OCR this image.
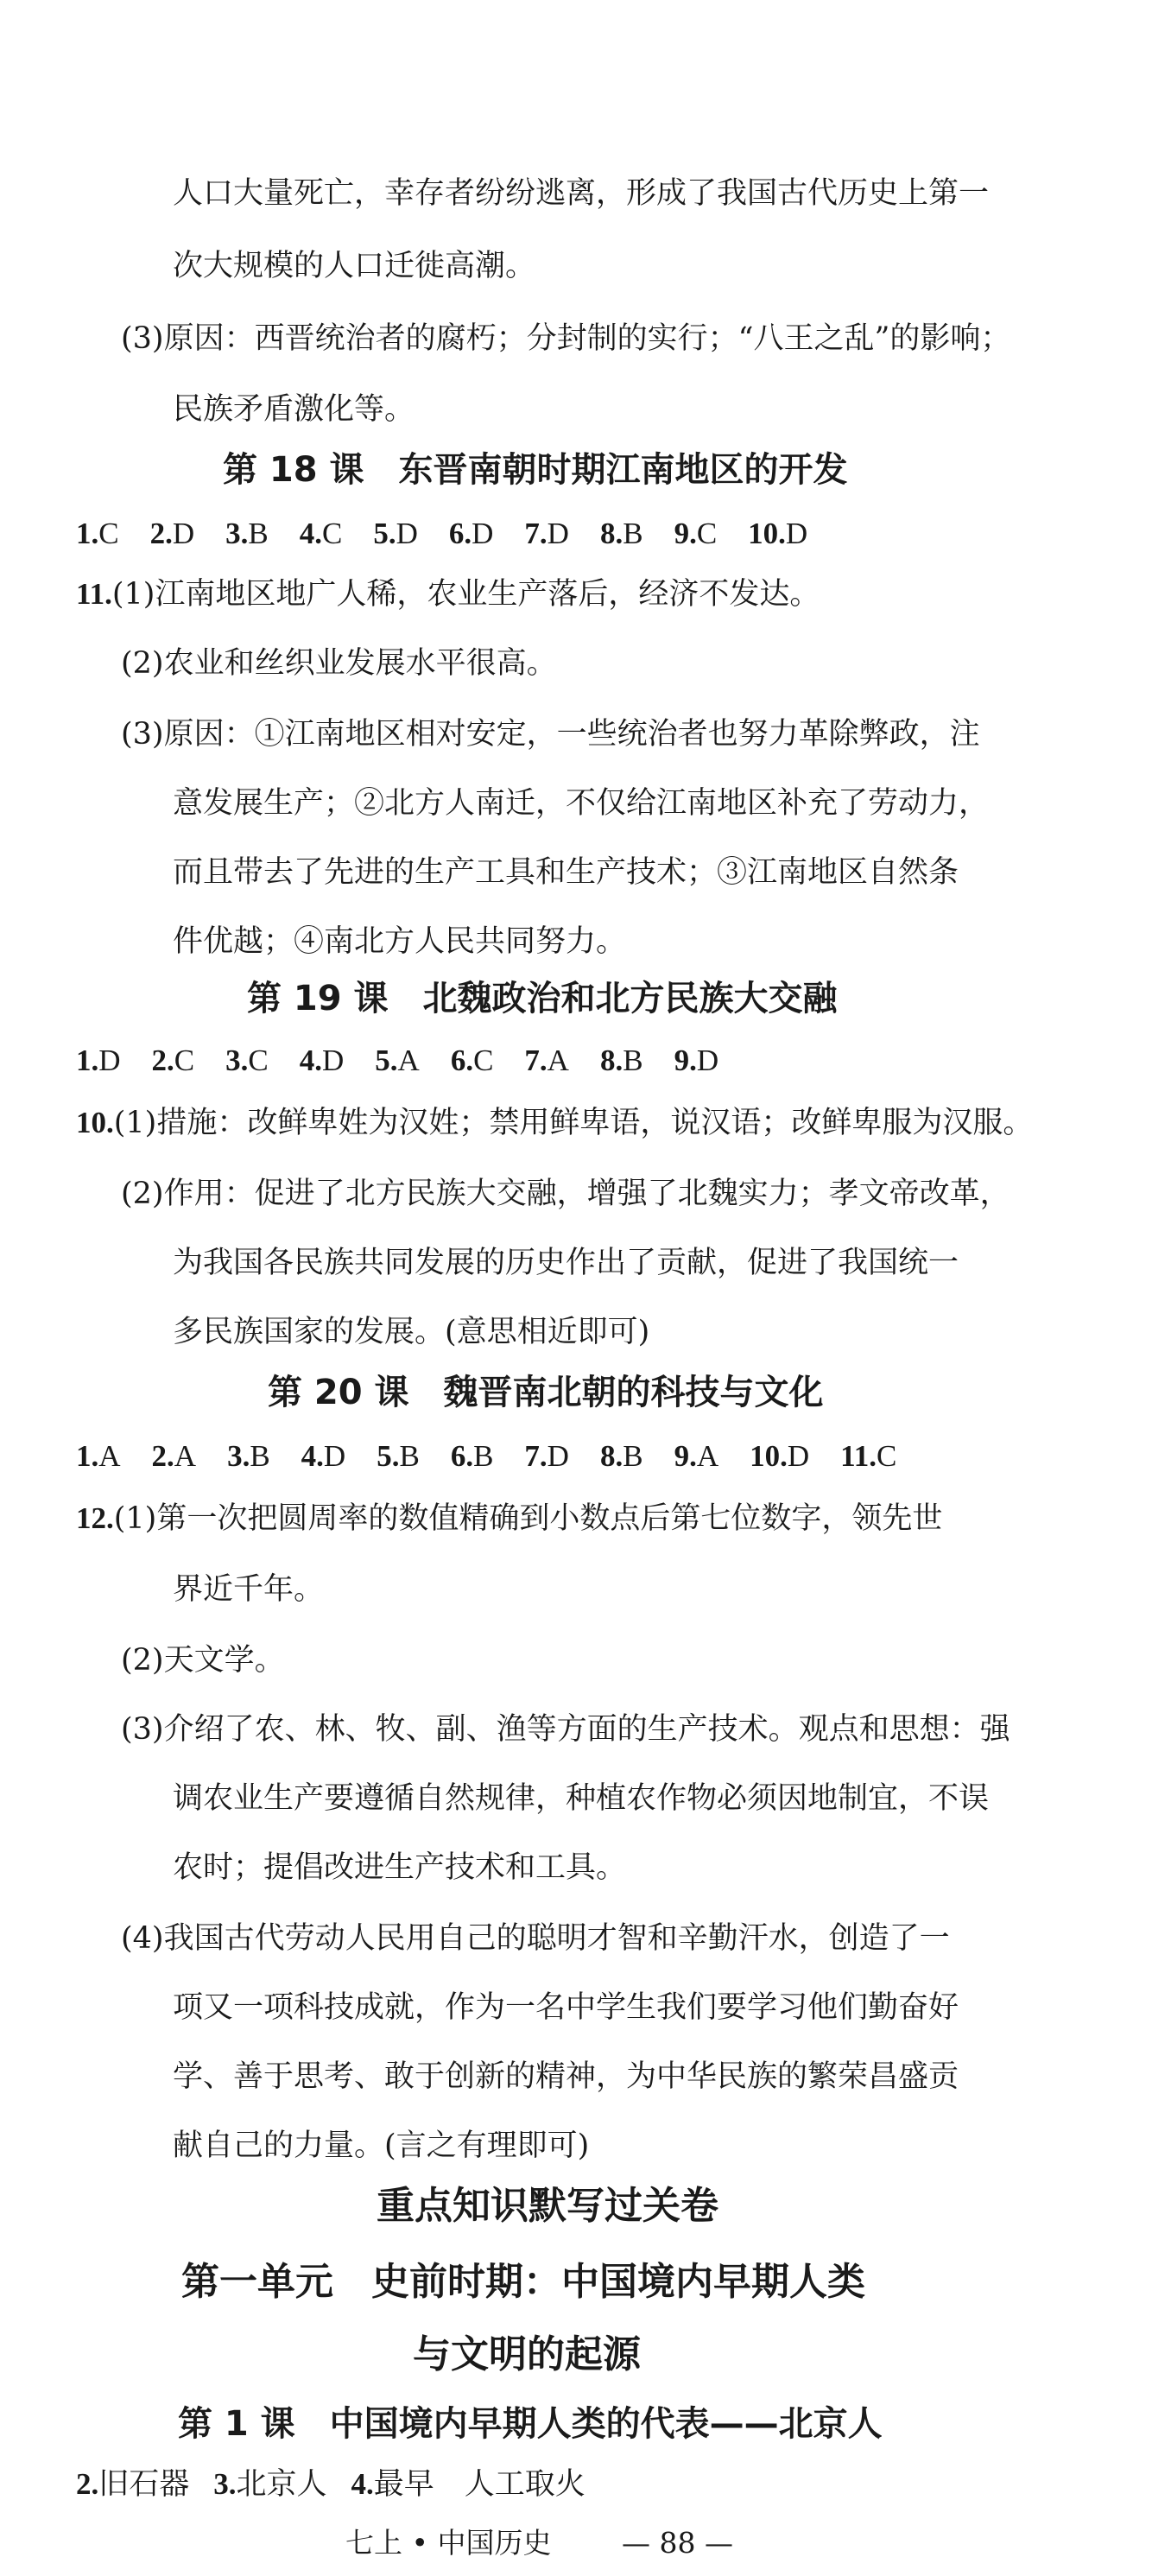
人口大量死亡，幸存者纷纷逃离，形成了我国古代历史上第一
次大规模的人口迁徙高潮。
(3) 原因：西晋统治者的腐朽；分封制的实行；“八王之乱”的影响；
民族矛盾激化等。
第 18 课　东晋南朝时期江南地区的开发
1.C 2.D 3.B 4.C 5.D 6.D 7.D 8.B 9.C 10.D
11. (1)江南地区地广人稀，农业生产落后，经济不发达。
(2)农业和丝织业发展水平很高。
(3)原因：①江南地区相对安定，一些统治者也努力革除弊政，注
意发展生产；②北方人南迁，不仅给江南地区补充了劳动力，
而且带去了先进的生产工具和生产技术；③江南地区自然条
件优越；④南北方人民共同努力。
第 19 课　北魏政治和北方民族大交融
1.D 2.C 3.C 4.D 5.A 6.C 7.A 8.B 9.D
10. (1)措施：改鲜卑姓为汉姓；禁用鲜卑语，说汉语；改鲜卑服为汉服。
(2)作用：促进了北方民族大交融，增强了北魏实力；孝文帝改革，
为我国各民族共同发展的历史作出了贡献，促进了我国统一
多民族国家的发展。(意思相近即可)
第 20 课　魏晋南北朝的科技与文化
1.A 2.A 3.B 4.D 5.B 6.B 7.D 8.B 9.A 10.D 11.C
12. (1)第一次把圆周率的数值精确到小数点后第七位数字，领先世
界近千年。
(2)天文学。
(3)介绍了农、林、牧、副、渔等方面的生产技术。观点和思想：强
调农业生产要遵循自然规律，种植农作物必须因地制宜，不误
农时；提倡改进生产技术和工具。
(4)我国古代劳动人民用自己的聪明才智和辛勤汗水，创造了一
项又一项科技成就，作为一名中学生我们要学习他们勤奋好
学、善于思考、敢于创新的精神，为中华民族的繁荣昌盛贡
献自己的力量。(言之有理即可)
重点知识默写过关卷
第一单元　史前时期：中国境内早期人类
与文明的起源
第 1 课　中国境内早期人类的代表——北京人
2.旧石器 3.北京人 4.最早　人工取火
七上 • 中国历史 — 88 —
